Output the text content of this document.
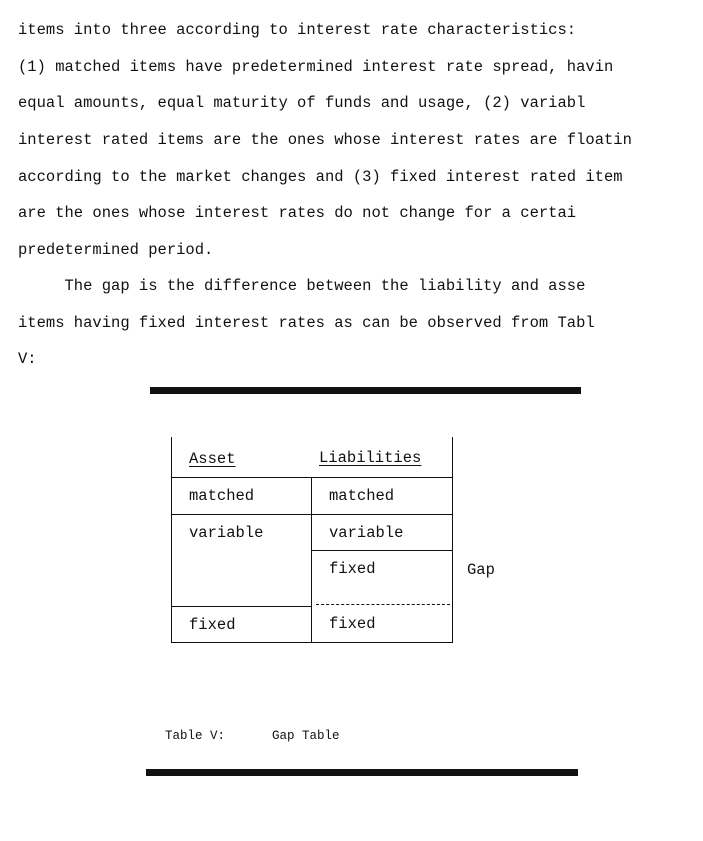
items into three according to interest rate characteristics:
(1) matched items have predetermined interest rate spread, havin
equal amounts, equal maturity of funds and usage, (2) variabl
interest rated items are the ones whose interest rates are floatin
according to the market changes and (3) fixed interest rated item
are the ones whose interest rates do not change for a certai
predetermined period.
The gap is the difference between the liability and asse
items having fixed interest rates as can be observed from Tabl
V:
Asset	Liabilities
matched
variable
fixed
matched
variable
fixed
fixed
Gap
Table V:	Gap Table
